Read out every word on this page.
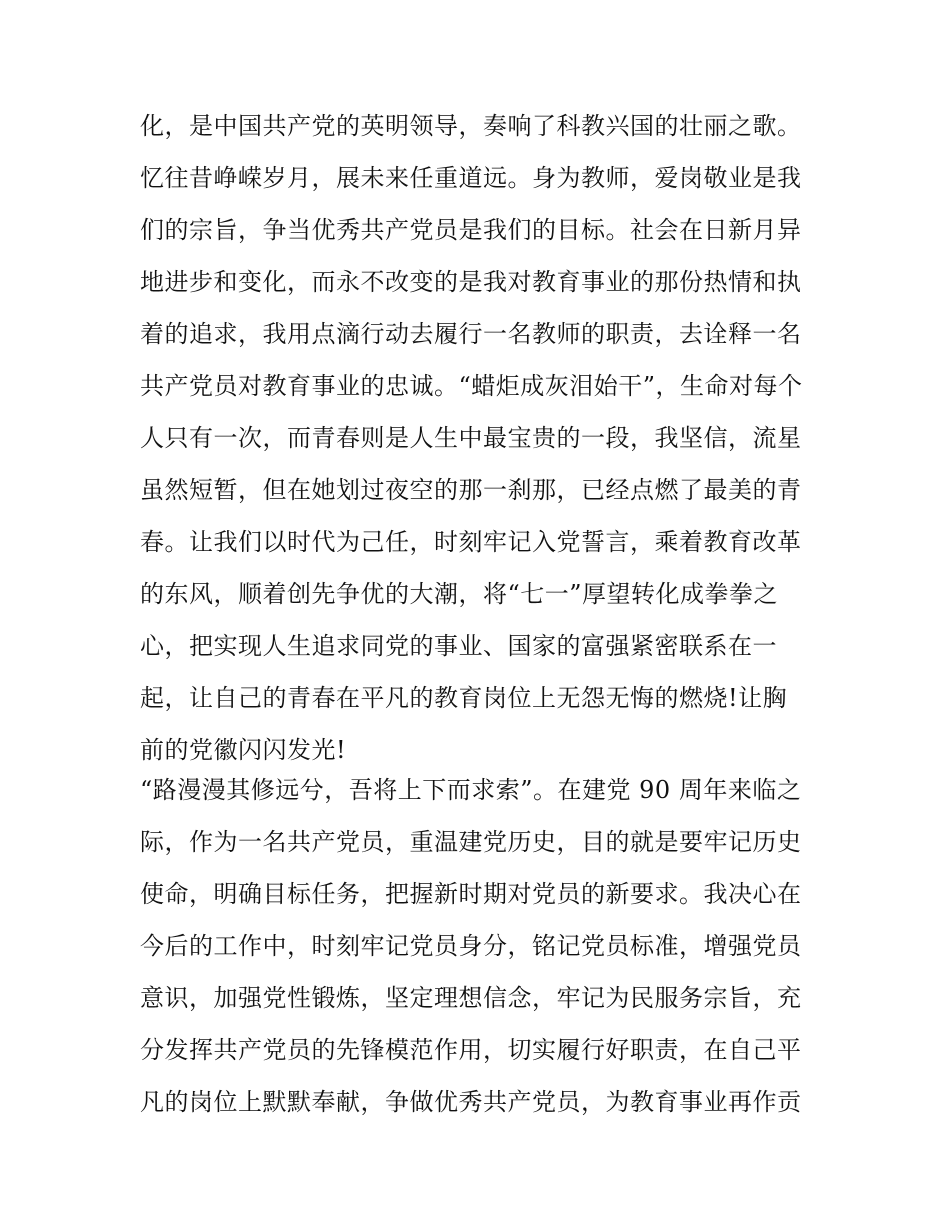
化，是中国共产党的英明领导，奏响了科教兴国的壮丽之歌。
忆往昔峥嵘岁月，展未来任重道远。身为教师，爱岗敬业是我
们的宗旨，争当优秀共产党员是我们的目标。社会在日新月异
地进步和变化，而永不改变的是我对教育事业的那份热情和执
着的追求，我用点滴行动去履行一名教师的职责，去诠释一名
共产党员对教育事业的忠诚。“蜡炬成灰泪始干”，生命对每个
人只有一次，而青春则是人生中最宝贵的一段，我坚信，流星
虽然短暂，但在她划过夜空的那一刹那，已经点燃了最美的青
春。让我们以时代为己任，时刻牢记入党誓言，乘着教育改革
的东风，顺着创先争优的大潮，将“七一”厚望转化成拳拳之
心，把实现人生追求同党的事业、国家的富强紧密联系在一
起，让自己的青春在平凡的教育岗位上无怨无悔的燃烧!让胸
前的党徽闪闪发光!
“路漫漫其修远兮，吾将上下而求索”。在建党 90 周年来临之
际，作为一名共产党员，重温建党历史，目的就是要牢记历史
使命，明确目标任务，把握新时期对党员的新要求。我决心在
今后的工作中，时刻牢记党员身分，铭记党员标准，增强党员
意识，加强党性锻炼，坚定理想信念，牢记为民服务宗旨，充
分发挥共产党员的先锋模范作用，切实履行好职责，在自己平
凡的岗位上默默奉献，争做优秀共产党员，为教育事业再作贡
